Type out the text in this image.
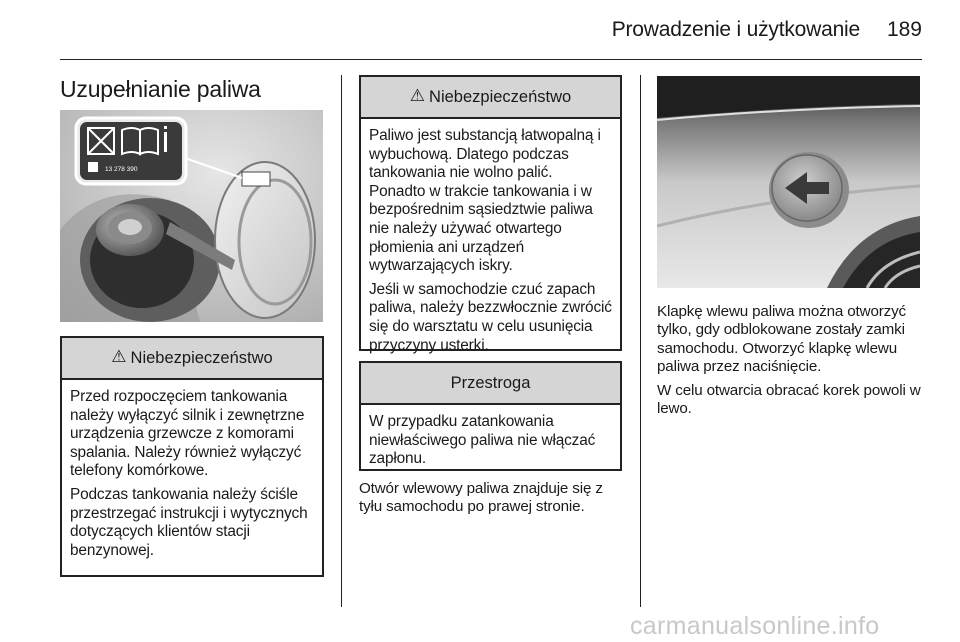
Prowadzenie i użytkowanie	189
Uzupełnianie paliwa
13 278 390
⚠ Niebezpieczeństwo

Przed rozpoczęciem tankowania należy wyłączyć silnik i zewnętrzne urządzenia grzewcze z komorami spalania. Należy również wyłączyć telefony komórkowe.

Podczas tankowania należy ściśle przestrzegać instrukcji i wytycznych dotyczących klientów stacji benzynowej.

⚠ Niebezpieczeństwo

Paliwo jest substancją łatwopalną i wybuchową. Dlatego podczas tankowania nie wolno palić. Ponadto w trakcie tankowania i w bezpośrednim sąsiedztwie paliwa nie należy używać otwartego płomienia ani urządzeń wytwarzających iskry.

Jeśli w samochodzie czuć zapach paliwa, należy bezzwłocznie zwrócić się do warsztatu w celu usunięcia przyczyny usterki.

Przestroga

W przypadku zatankowania niewłaściwego paliwa nie włączać zapłonu.

Otwór wlewowy paliwa znajduje się z tyłu samochodu po prawej stronie.

Klapkę wlewu paliwa można otworzyć tylko, gdy odblokowane zostały zamki samochodu. Otworzyć klapkę wlewu paliwa przez naciśnięcie.

W celu otwarcia obracać korek powoli w lewo.

carmanualsonline.info
